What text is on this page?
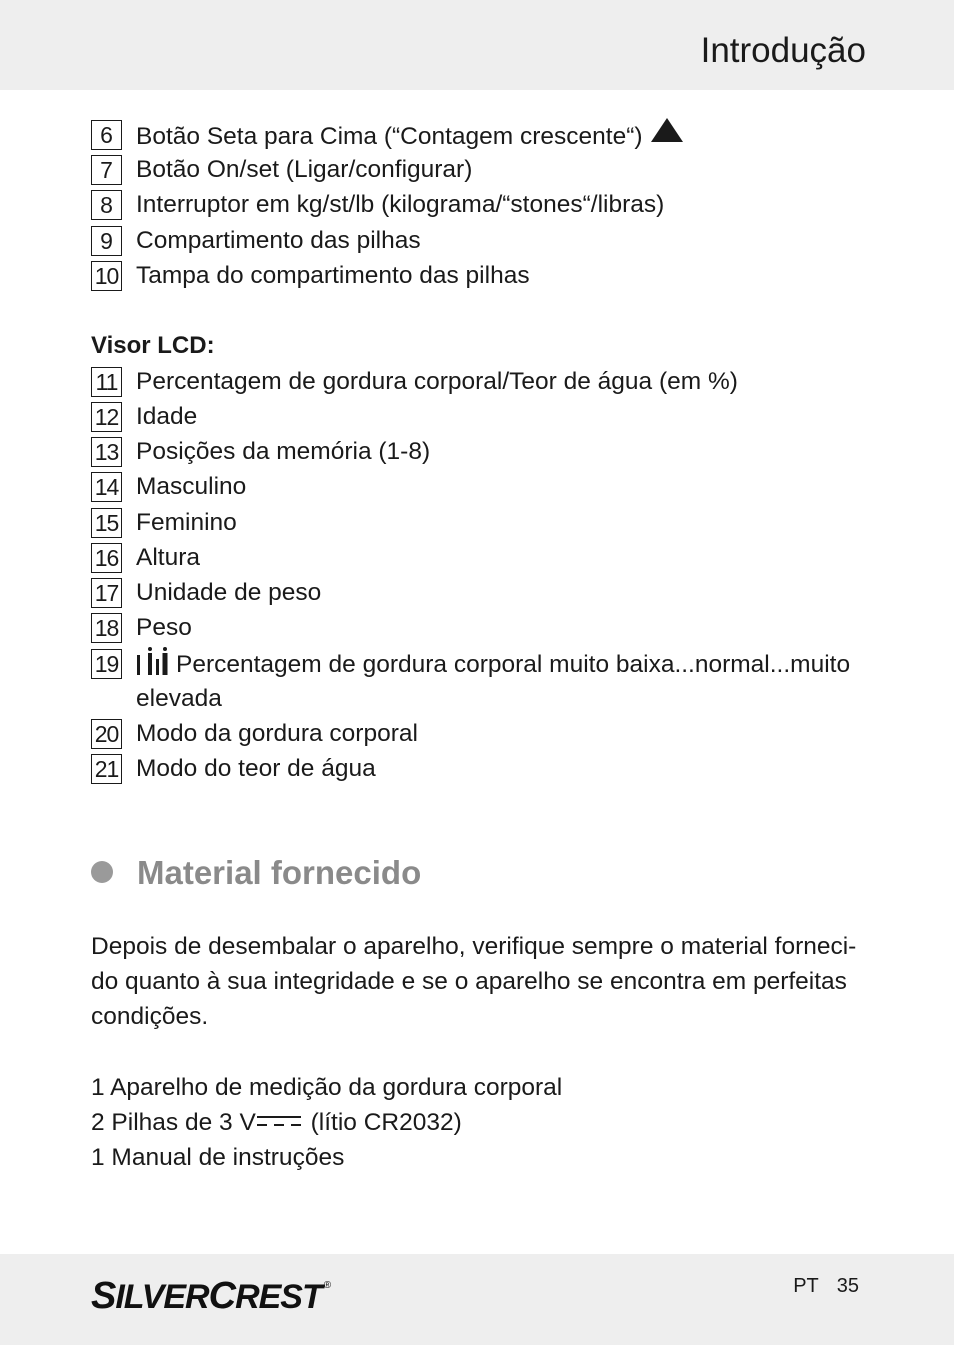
Introdução
6 Botão Seta para Cima (“Contagem crescente“)
7 Botão On/set (Ligar/configurar)
8 Interruptor em kg/st/lb (kilograma/“stones“/libras)
9 Compartimento das pilhas
10 Tampa do compartimento das pilhas
Visor LCD:
11 Percentagem de gordura corporal/Teor de água (em %)
12 Idade
13 Posições da memória (1-8)
14 Masculino
15 Feminino
16 Altura
17 Unidade de peso
18 Peso
19	Percentagem de gordura corporal muito baixa...normal...muito
elevada
20 Modo da gordura corporal
21 Modo do teor de água
Material fornecido
Depois de desembalar o aparelho, verifique sempre o material forneci-
do quanto à sua integridade e se o aparelho se encontra em perfeitas
condições.
1 Aparelho de medição da gordura corporal
2 Pilhas de 3 V (lítio CR2032)
1 Manual de instruções
SILVERCREST ®	PT 35
